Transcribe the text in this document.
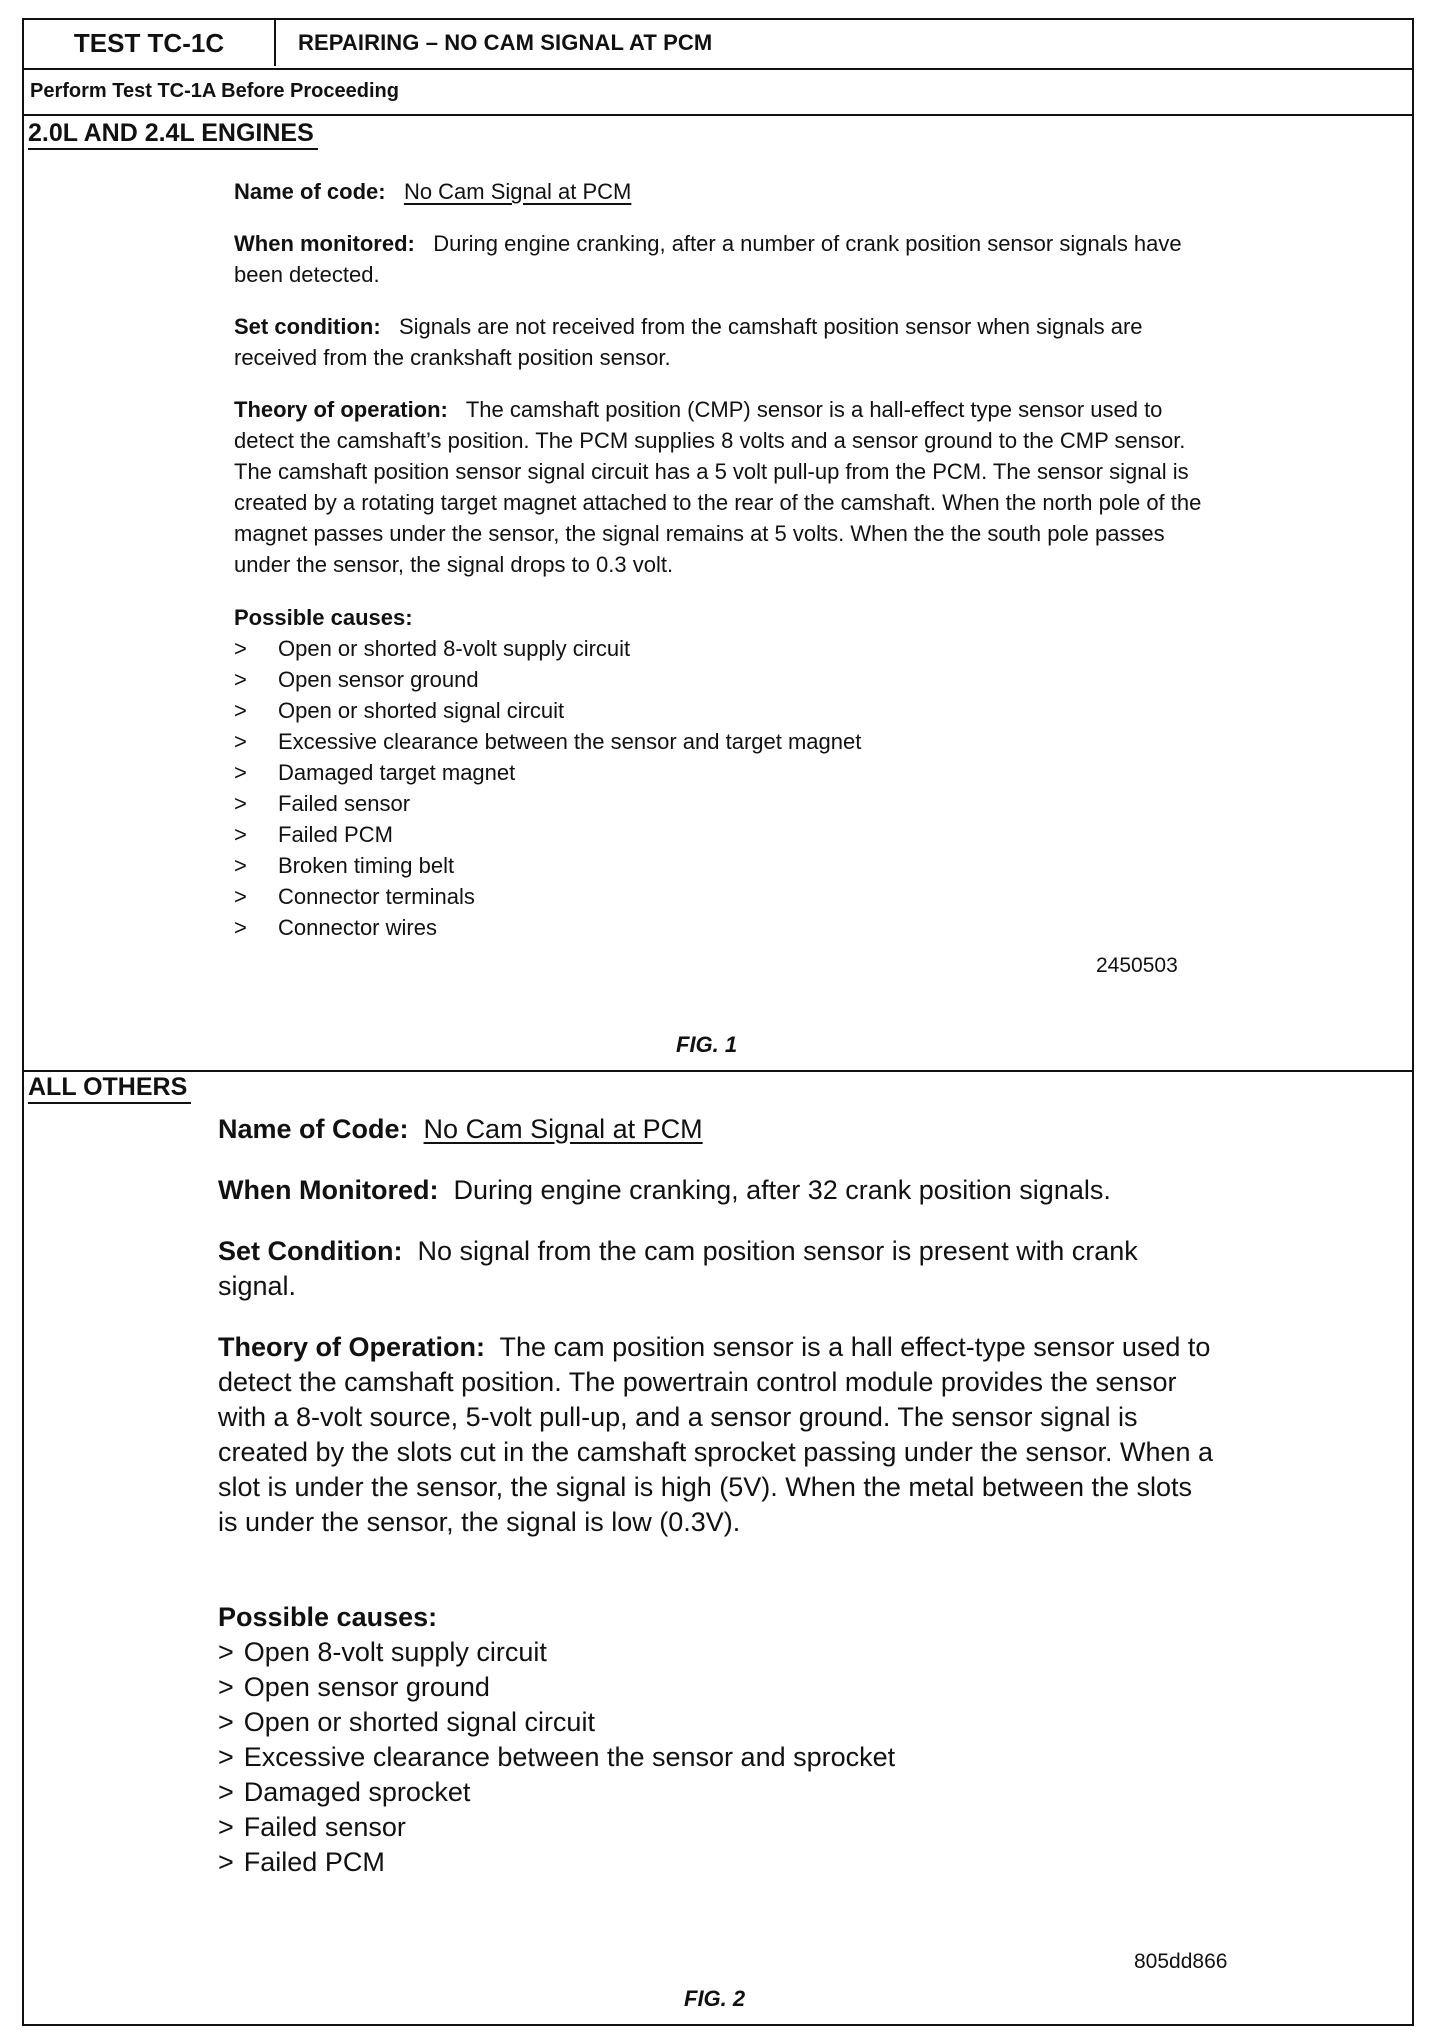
TEST TC-1C	REPAIRING – NO CAM SIGNAL AT PCM
Perform Test TC-1A Before Proceeding
2.0L AND 2.4L ENGINES

Name of code: No Cam Signal at PCM

When monitored: During engine cranking, after a number of crank position sensor signals have been detected.

Set condition: Signals are not received from the camshaft position sensor when signals are received from the crankshaft position sensor.

Theory of operation: The camshaft position (CMP) sensor is a hall-effect type sensor used to detect the camshaft’s position. The PCM supplies 8 volts and a sensor ground to the CMP sensor. The camshaft position sensor signal circuit has a 5 volt pull-up from the PCM. The sensor signal is created by a rotating target magnet attached to the rear of the camshaft. When the north pole of the magnet passes under the sensor, the signal remains at 5 volts. When the the south pole passes under the sensor, the signal drops to 0.3 volt.

Possible causes:

>	Open or shorted 8-volt supply circuit
>	Open sensor ground
>	Open or shorted signal circuit
>	Excessive clearance between the sensor and target magnet
>	Damaged target magnet
>	Failed sensor
>	Failed PCM
>	Broken timing belt
>	Connector terminals
>	Connector wires
2450503
FIG. 1
ALL OTHERS

Name of Code: No Cam Signal at PCM

When Monitored: During engine cranking, after 32 crank position signals.

Set Condition: No signal from the cam position sensor is present with crank signal.

Theory of Operation: The cam position sensor is a hall effect-type sensor used to detect the camshaft position. The powertrain control module provides the sensor with a 8-volt source, 5-volt pull-up, and a sensor ground. The sensor signal is created by the slots cut in the camshaft sprocket passing under the sensor. When a slot is under the sensor, the signal is high (5V). When the metal between the slots is under the sensor, the signal is low (0.3V).

Possible causes:

> Open 8-volt supply circuit
> Open sensor ground
> Open or shorted signal circuit
> Excessive clearance between the sensor and sprocket
> Damaged sprocket
> Failed sensor
> Failed PCM
805dd866
FIG. 2
